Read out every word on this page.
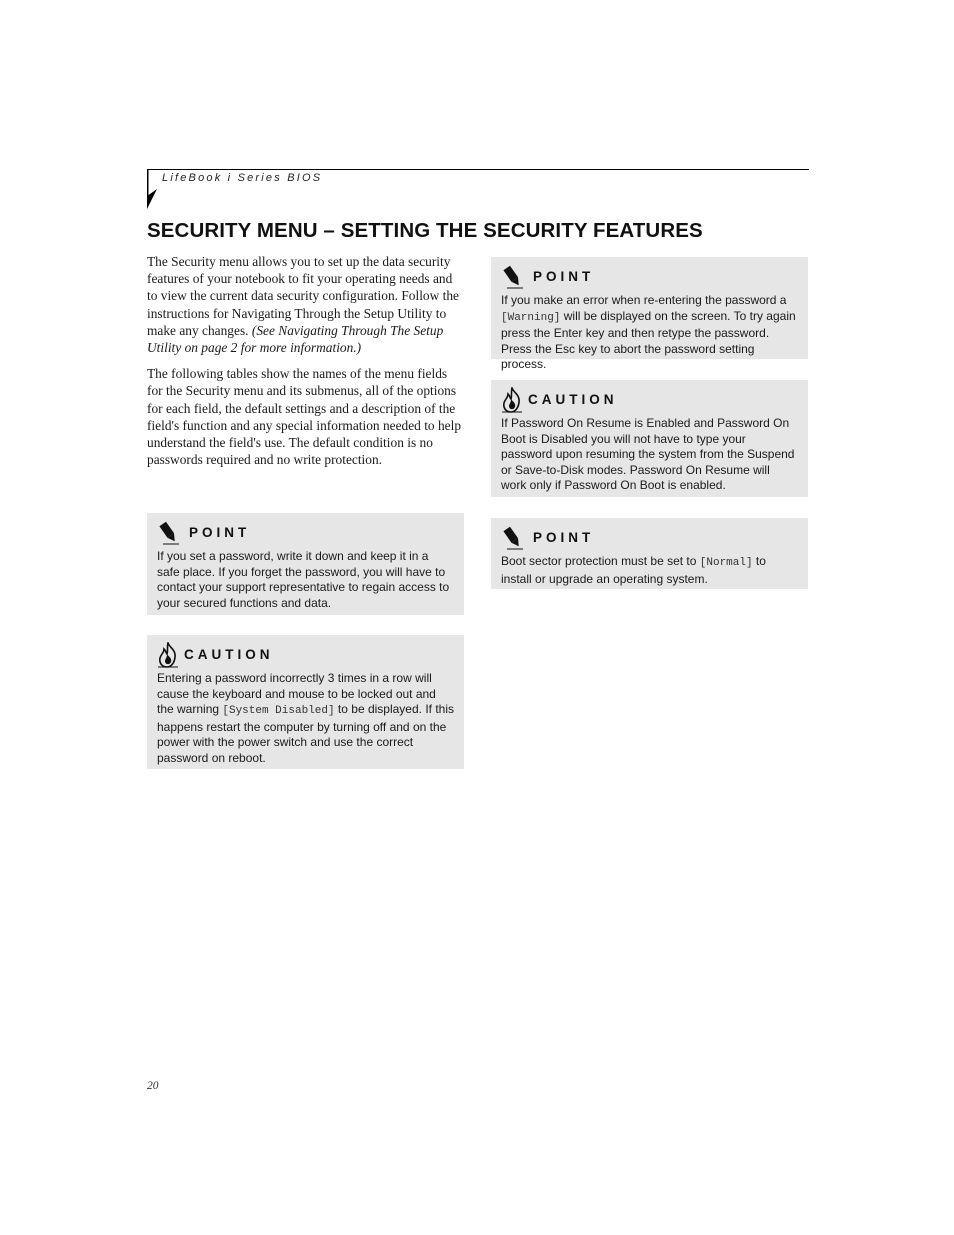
LifeBook i Series BIOS
SECURITY MENU – SETTING THE SECURITY FEATURES

The Security menu allows you to set up the data security features of your notebook to fit your operating needs and to view the current data security configuration. Follow the instructions for Navigating Through the Setup Utility to make any changes. (See Navigating Through The Setup Utility on page 2 for more information.)

The following tables show the names of the menu fields for the Security menu and its submenus, all of the options for each field, the default settings and a description of the field's function and any special information needed to help understand the field's use. The default condition is no passwords required and no write protection.

POINT

If you set a password, write it down and keep it in a safe place. If you forget the password, you will have to contact your support representative to regain access to your secured functions and data.

CAUTION

Entering a password incorrectly 3 times in a row will cause the keyboard and mouse to be locked out and the warning [System Disabled] to be displayed. If this happens restart the computer by turning off and on the power with the power switch and use the correct password on reboot.

POINT

If you make an error when re-entering the password a [Warning] will be displayed on the screen. To try again press the Enter key and then retype the password. Press the Esc key to abort the password setting process.

CAUTION

If Password On Resume is Enabled and Password On Boot is Disabled you will not have to type your password upon resuming the system from the Suspend or Save-to-Disk modes. Password On Resume will work only if Password On Boot is enabled.

POINT

Boot sector protection must be set to [Normal] to install or upgrade an operating system.

20
